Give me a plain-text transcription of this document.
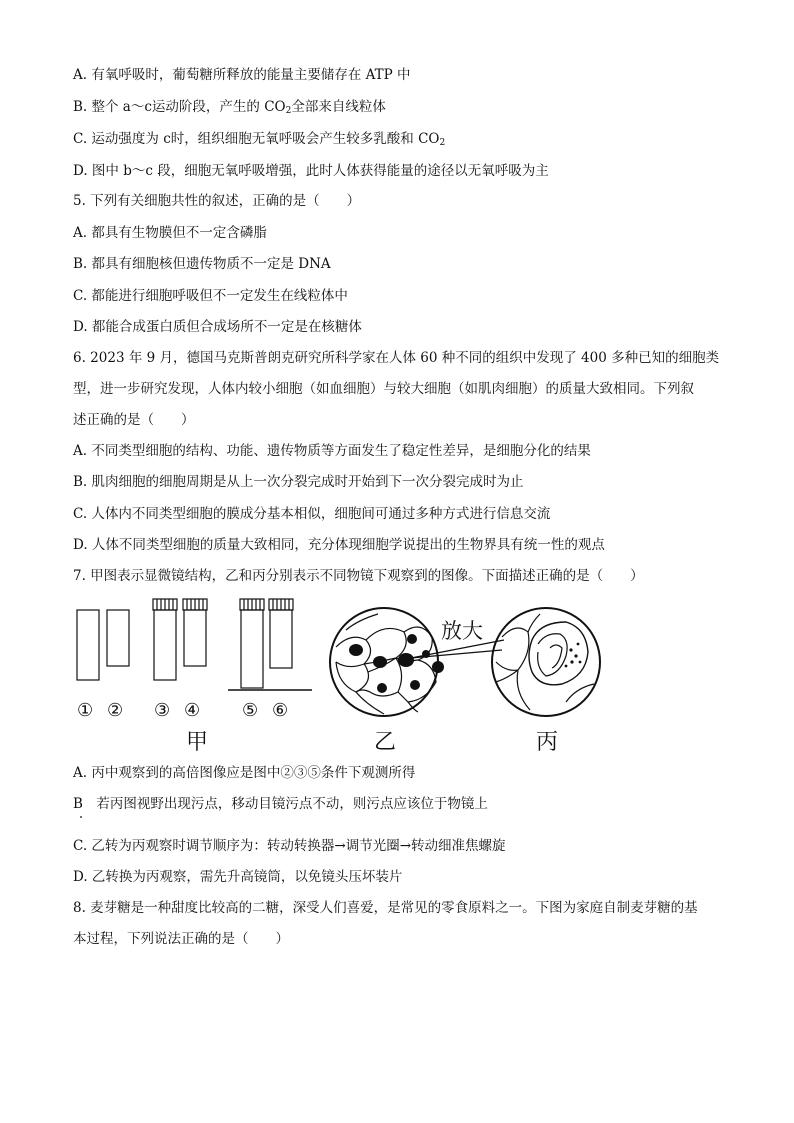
A. 有氧呼吸时，葡萄糖所释放的能量主要储存在 ATP 中
B. 整个 a～c运动阶段，产生的 $CO_2$全部来自线粒体
C. 运动强度为 c时，组织细胞无氧呼吸会产生较多乳酸和 $CO_2$
D. 图中 b～c 段，细胞无氧呼吸增强，此时人体获得能量的途径以无氧呼吸为主
5. 下列有关细胞共性的叙述，正确的是（　　）
A. 都具有生物膜但不一定含磷脂
B. 都具有细胞核但遗传物质不一定是 DNA
C. 都能进行细胞呼吸但不一定发生在线粒体中
D. 都能合成蛋白质但合成场所不一定是在核糖体
6. 2023 年 9 月，德国马克斯普朗克研究所科学家在人体 60 种不同的组织中发现了 400 多种已知的细胞类
型，进一步研究发现，人体内较小细胞（如血细胞）与较大细胞（如肌肉细胞）的质量大致相同。下列叙
述正确的是（　　）
A. 不同类型细胞的结构、功能、遗传物质等方面发生了稳定性差异，是细胞分化的结果
B. 肌肉细胞的细胞周期是从上一次分裂完成时开始到下一次分裂完成时为止
C. 人体内不同类型细胞的膜成分基本相似，细胞间可通过多种方式进行信息交流
D. 人体不同类型细胞的质量大致相同，充分体现细胞学说提出的生物界具有统一性的观点
7. 甲图表示显微镜结构，乙和丙分别表示不同物镜下观察到的图像。下面描述正确的是（　　）
① ② ③ ④ ⑤ ⑥
甲	乙	丙
放大
A. 丙中观察到的高倍图像应是图中②③⑤条件下观测所得
B　若丙图视野出现污点，移动目镜污点不动，则污点应该位于物镜上
C. 乙转为丙观察时调节顺序为：转动转换器→调节光圈→转动细准焦螺旋
D. 乙转换为丙观察，需先升高镜筒，以免镜头压坏装片
8. 麦芽糖是一种甜度比较高的二糖，深受人们喜爱，是常见的零食原料之一。下图为家庭自制麦芽糖的基
本过程，下列说法正确的是（　　）
